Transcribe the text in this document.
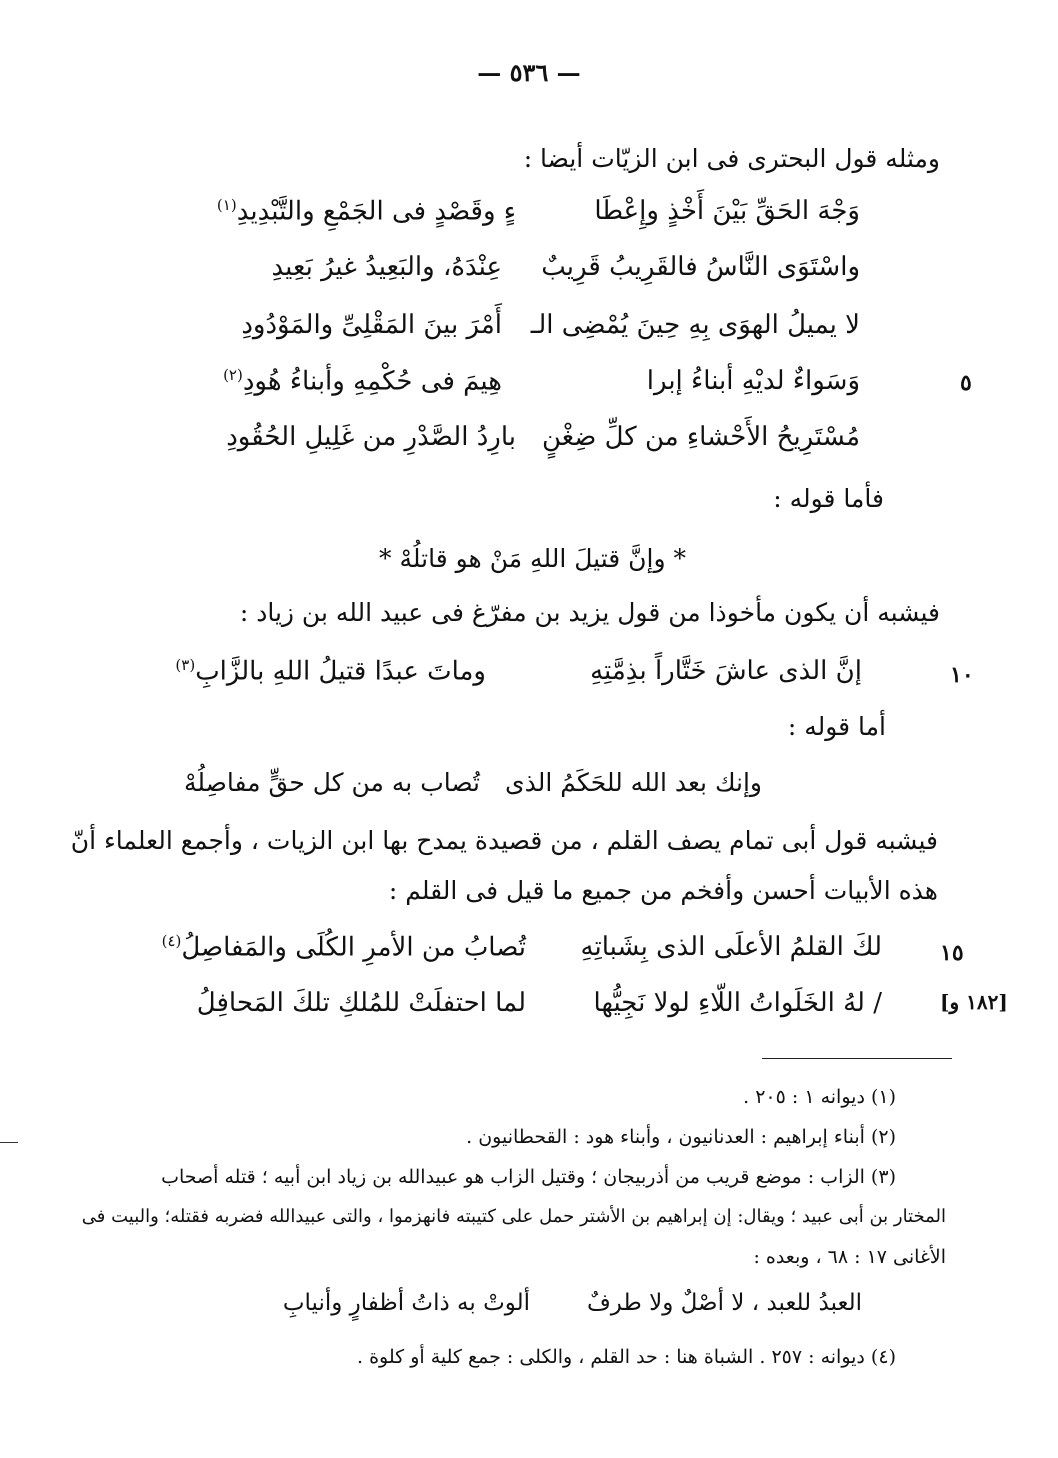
— ٥٣٦ —
ومثله قول البحترى فى ابن الزيّات أيضا :
وَجْهَ الحَقِّ بَيْنَ أَخْذٍ وإِعْطَا
ءٍ وقَصْدٍ فى الجَمْعِ والتَّبْدِيدِ$^{(١)}$
واسْتَوَى النَّاسُ فالقَرِيبُ قَرِيبٌ
عِنْدَهُ، والبَعِيدُ غيرُ بَعِيدِ
لا يميلُ الهوَى بِهِ حِينَ يُمْضِى الـ
أَمْرَ بينَ المَقْلِىِّ والمَوْدُودِ
٥
وَسَواءٌ لديْهِ أبناءُ إبرا
هِيمَ فى حُكْمِهِ وأبناءُ هُودِ$^{(٢)}$
مُسْتَرِيحُ الأَحْشاءِ من كلِّ ضِغْنٍ
بارِدُ الصَّدْرِ من غَلِيلِ الحُقُودِ
فأما قوله :
* وإنَّ قتيلَ اللهِ مَنْ هو قاتلُهْ *
فيشبه أن يكون مأخوذا من قول يزيد بن مفرّغ فى عبيد الله بن زياد :
١٠
إنَّ الذى عاشَ خَتَّاراً بذِمَّتِهِ
وماتَ عبدًا قتيلُ اللهِ بالزَّابِ$^{(٣)}$
أما قوله :
وإنك بعد الله للحَكَمُ الذى
تُصاب به من كل حقٍّ مفاصِلُهْ
فيشبه قول أبى تمام يصف القلم ، من قصيدة يمدح بها ابن الزيات ، وأجمع العلماء أنّ
هذه الأبيات أحسن وأفخم من جميع ما قيل فى القلم :
١٥
لكَ القلمُ الأعلَى الذى بِشَباتِهِ
تُصابُ من الأمرِ الكُلَى والمَفاصِلُ$^{(٤)}$
[١٨٢ و]
/ لهُ الخَلَواتُ اللّاءِ لولا نَجِيُّها
لما احتفلَتْ للمُلكِ تلكَ المَحافِلُ
(١) ديوانه ١ : ٢٠٥ .
(٢) أبناء إبراهيم : العدنانيون ، وأبناء هود : القحطانيون .
(٣) الزاب : موضع قريب من أذربيجان ؛ وقتيل الزاب هو عبيدالله بن زياد ابن أبيه ؛ قتله أصحاب
المختار بن أبى عبيد ؛ ويقال: إن إبراهيم بن الأشتر حمل على كتيبته فانهزموا ، والتى عبيدالله فضربه فقتله؛ والبيت فى
الأغانى ١٧ : ٦٨ ، وبعده :
العبدُ للعبد ، لا أصْلٌ ولا طرفٌ
ألوتْ به ذاتُ أظفارٍ وأنيابِ
(٤) ديوانه : ٢٥٧ . الشباة هنا : حد القلم ، والكلى : جمع كلية أو كلوة .
